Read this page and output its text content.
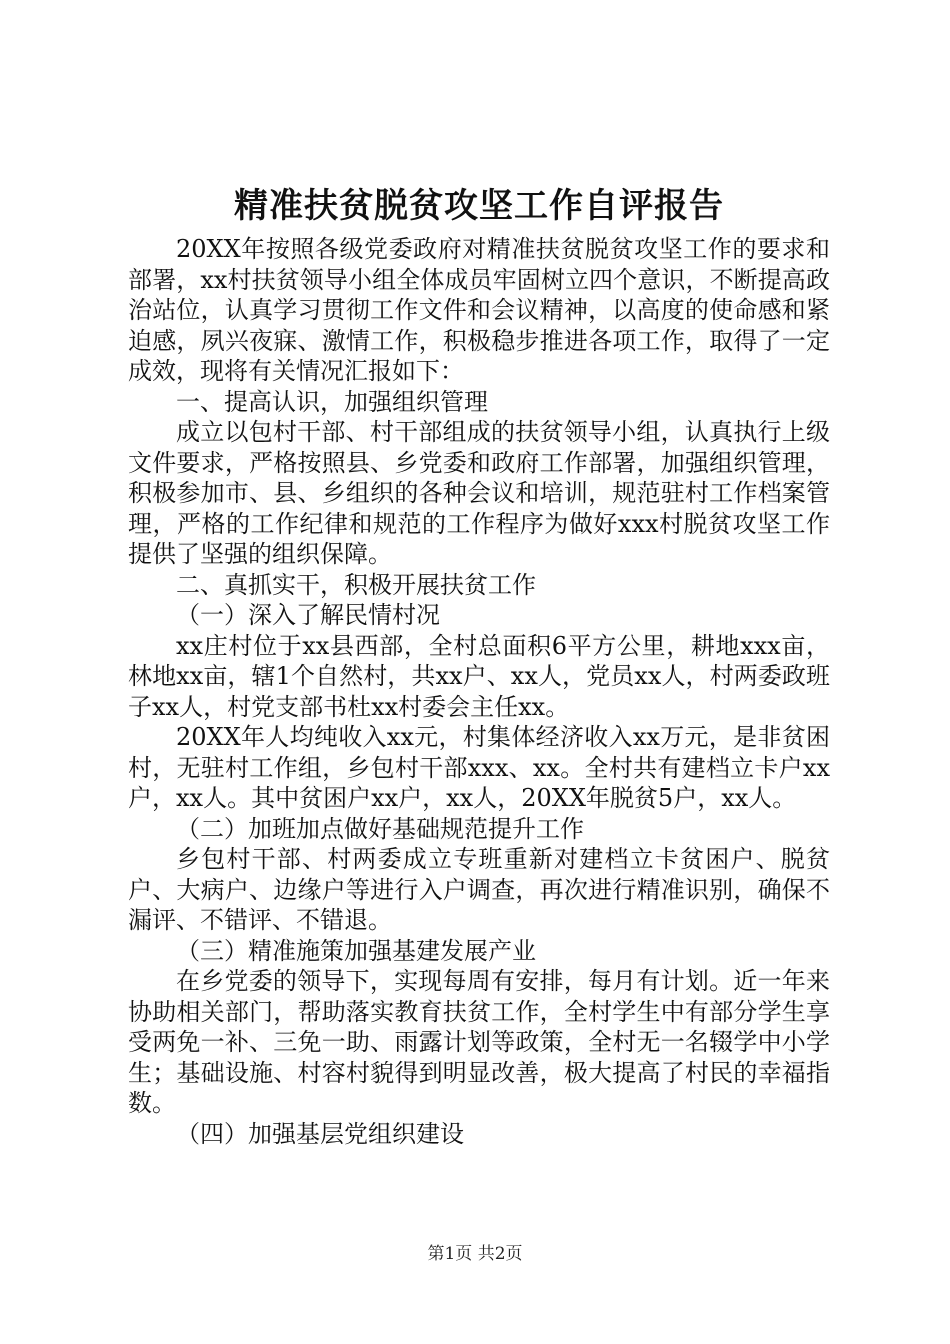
精准扶贫脱贫攻坚工作自评报告

20XX年按照各级党委政府对精准扶贫脱贫攻坚工作的要求和部署，xx村扶贫领导小组全体成员牢固树立四个意识，不断提高政治站位，认真学习贯彻工作文件和会议精神，以高度的使命感和紧迫感，夙兴夜寐、激情工作，积极稳步推进各项工作，取得了一定成效，现将有关情况汇报如下：

一、提高认识，加强组织管理

成立以包村干部、村干部组成的扶贫领导小组，认真执行上级文件要求，严格按照县、乡党委和政府工作部署，加强组织管理，积极参加市、县、乡组织的各种会议和培训，规范驻村工作档案管理，严格的工作纪律和规范的工作程序为做好xxx村脱贫攻坚工作提供了坚强的组织保障。

二、真抓实干，积极开展扶贫工作

（一）深入了解民情村况

xx庄村位于xx县西部，全村总面积6平方公里，耕地xxx亩，林地xx亩，辖1个自然村，共xx户、xx人，党员xx人，村两委政班子xx人，村党支部书杜xx村委会主任xx。

20XX年人均纯收入xx元，村集体经济收入xx万元，是非贫困村，无驻村工作组，乡包村干部xxx、xx。全村共有建档立卡户xx户，xx人。其中贫困户xx户，xx人，20XX年脱贫5户，xx人。

（二）加班加点做好基础规范提升工作

乡包村干部、村两委成立专班重新对建档立卡贫困户、脱贫户、大病户、边缘户等进行入户调查，再次进行精准识别，确保不漏评、不错评、不错退。

（三）精准施策加强基建发展产业

在乡党委的领导下，实现每周有安排，每月有计划。近一年来协助相关部门，帮助落实教育扶贫工作，全村学生中有部分学生享受两免一补、三免一助、雨露计划等政策，全村无一名辍学中小学生；基础设施、村容村貌得到明显改善，极大提高了村民的幸福指数。

（四）加强基层党组织建设

第1页 共2页
